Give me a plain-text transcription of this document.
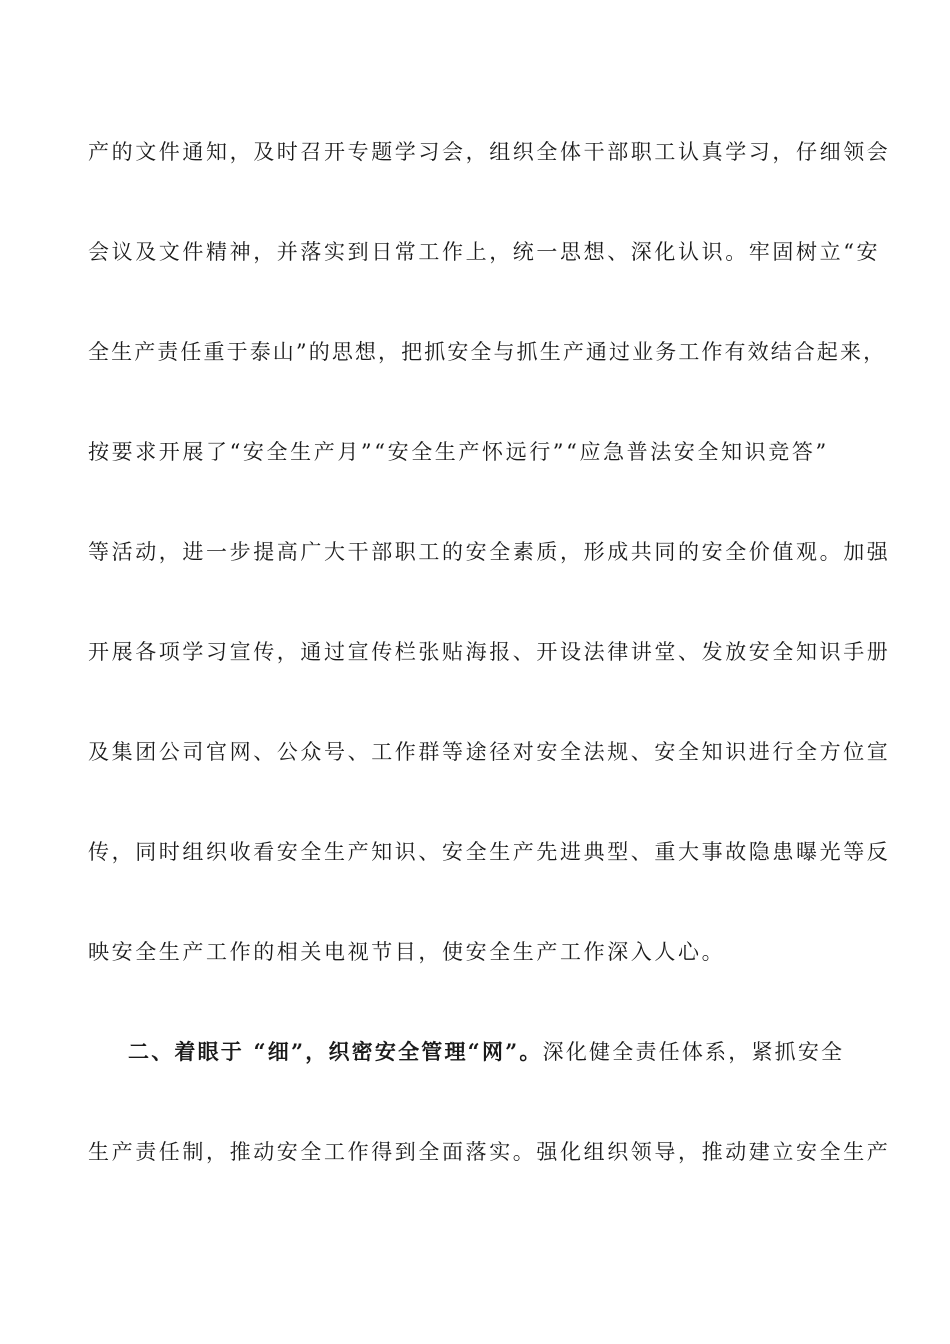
产的文件通知，及时召开专题学习会，组织全体干部职工认真学习，仔细领会
会议及文件精神，并落实到日常工作上，统一思想、深化认识。牢固树立“安
全生产责任重于泰山”的思想，把抓安全与抓生产通过业务工作有效结合起来，
按要求开展了“安全生产月”“安全生产怀远行”“应急普法安全知识竞答”
等活动，进一步提高广大干部职工的安全素质，形成共同的安全价值观。加强
开展各项学习宣传，通过宣传栏张贴海报、开设法律讲堂、发放安全知识手册
及集团公司官网、公众号、工作群等途径对安全法规、安全知识进行全方位宣
传，同时组织收看安全生产知识、安全生产先进典型、重大事故隐患曝光等反
映安全生产工作的相关电视节目，使安全生产工作深入人心。
二、着眼于 “细”，织密安全管理“网”。深化健全责任体系，紧抓安全
生产责任制，推动安全工作得到全面落实。强化组织领导，推动建立安全生产
